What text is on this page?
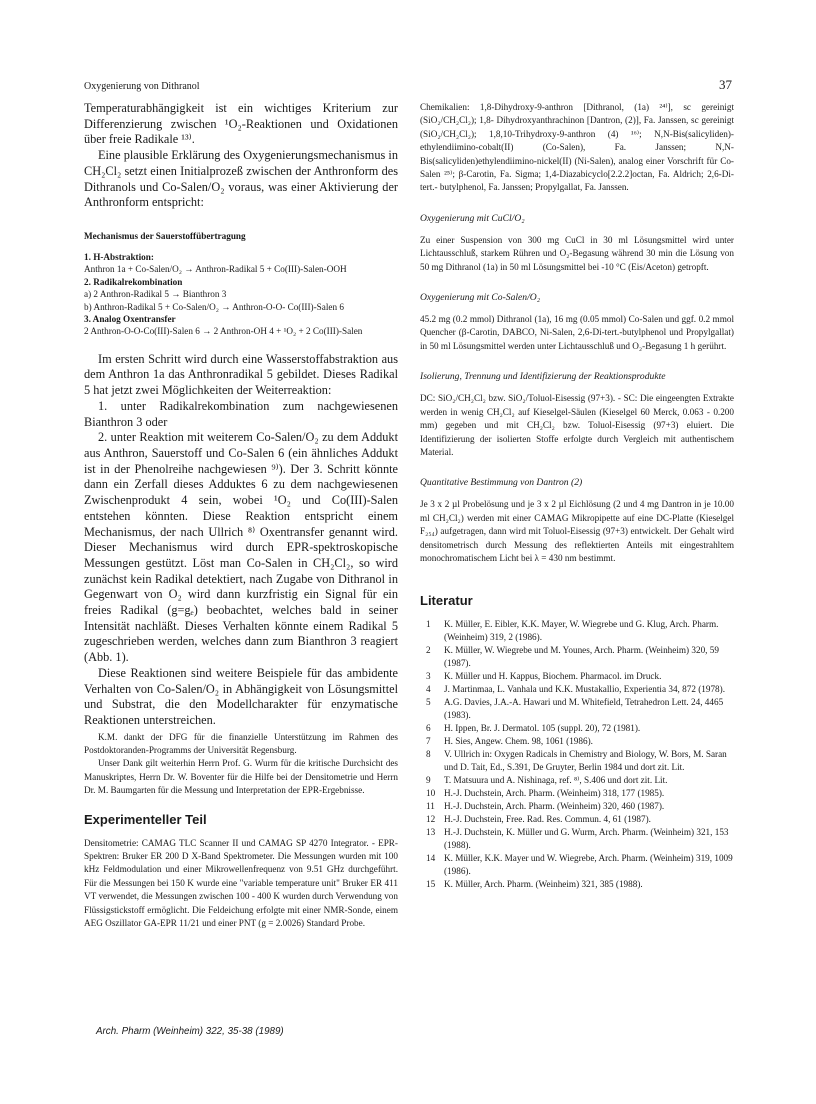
Oxygenierung von Dithranol	37

Temperaturabhängigkeit ist ein wichtiges Kriterium zur Differenzierung zwischen ¹O₂-Reaktionen und Oxidationen über freie Radikale ¹³⁾.

Eine plausible Erklärung des Oxygenierungsmechanismus in CH₂Cl₂ setzt einen Initialprozeß zwischen der Anthronform des Dithranols und Co-Salen/O₂ voraus, was einer Aktivierung der Anthronform entspricht:

Mechanismus der Sauerstoffübertragung
1. H-Abstraktion:
Anthron 1a + Co-Salen/O₂ → Anthron-Radikal 5 + Co(III)-Salen-OOH
2. Radikalrekombination
a) 2 Anthron-Radikal 5 → Bianthron 3
b) Anthron-Radikal 5 + Co-Salen/O₂ → Anthron-O-O- Co(III)-Salen 6
3. Analog Oxentransfer
2 Anthron-O-O-Co(III)-Salen 6 → 2 Anthron-OH 4 + ¹O₂ + 2 Co(III)-Salen

Im ersten Schritt wird durch eine Wasserstoffabstraktion aus dem Anthron 1a das Anthronradikal 5 gebildet. Dieses Radikal 5 hat jetzt zwei Möglichkeiten der Weiterreaktion:

1. unter Radikalrekombination zum nachgewiesenen Bianthron 3 oder

2. unter Reaktion mit weiterem Co-Salen/O₂ zu dem Addukt aus Anthron, Sauerstoff und Co-Salen 6 (ein ähnliches Addukt ist in der Phenolreihe nachgewiesen ⁹⁾). Der 3. Schritt könnte dann ein Zerfall dieses Adduktes 6 zu dem nachgewiesenen Zwischenprodukt 4 sein, wobei ¹O₂ und Co(III)-Salen entstehen könnten. Diese Reaktion entspricht einem Mechanismus, der nach Ullrich ⁸⁾ Oxentransfer genannt wird. Dieser Mechanismus wird durch EPR-spektroskopische Messungen gestützt. Löst man Co-Salen in CH₂Cl₂, so wird zunächst kein Radikal detektiert, nach Zugabe von Dithranol in Gegenwart von O₂ wird dann kurzfristig ein Signal für ein freies Radikal (g=gₑ) beobachtet, welches bald in seiner Intensität nachläßt. Dieses Verhalten könnte einem Radikal 5 zugeschrieben werden, welches dann zum Bianthron 3 reagiert (Abb. 1).

Diese Reaktionen sind weitere Beispiele für das ambidente Verhalten von Co-Salen/O₂ in Abhängigkeit von Lösungsmittel und Substrat, die den Modellcharakter für enzymatische Reaktionen unterstreichen.

K.M. dankt der DFG für die finanzielle Unterstützung im Rahmen des Postdoktoranden-Programms der Universität Regensburg.

Unser Dank gilt weiterhin Herrn Prof. G. Wurm für die kritische Durchsicht des Manuskriptes, Herrn Dr. W. Boventer für die Hilfe bei der Densitometrie und Herrn Dr. M. Baumgarten für die Messung und Interpretation der EPR-Ergebnisse.

Experimenteller Teil

Densitometrie: CAMAG TLC Scanner II und CAMAG SP 4270 Integrator. - EPR-Spektren: Bruker ER 200 D X-Band Spektrometer. Die Messungen wurden mit 100 kHz Feldmodulation und einer Mikrowellenfrequenz von 9.51 GHz durchgeführt. Für die Messungen bei 150 K wurde eine "variable temperature unit" Bruker ER 411 VT verwendet, die Messungen zwischen 100 - 400 K wurden durch Verwendung von Flüssigstickstoff ermöglicht. Die Feldeichung erfolgte mit einer NMR-Sonde, einem AEG Oszillator GA-EPR 11/21 und einer PNT (g = 2.0026) Standard Probe.

Chemikalien: 1,8-Dihydroxy-9-anthron [Dithranol, (1a) ²⁴⁾], sc gereinigt (SiO₂/CH₂Cl₂); 1,8- Dihydroxyanthrachinon [Dantron, (2)], Fa. Janssen, sc gereinigt (SiO₂/CH₂Cl₂); 1,8,10-Trihydroxy-9-anthron (4) ¹⁶⁾; N,N-Bis(salicyliden)-ethylendiimino-cobalt(II) (Co-Salen), Fa. Janssen; N,N- Bis(salicyliden)ethylendiimino-nickel(II) (Ni-Salen), analog einer Vorschrift für Co-Salen ²⁵⁾; β-Carotin, Fa. Sigma; 1,4-Diazabicyclo[2.2.2]octan, Fa. Aldrich; 2,6-Di-tert.- butylphenol, Fa. Janssen; Propylgallat, Fa. Janssen.

Oxygenierung mit CuCl/O₂

Zu einer Suspension von 300 mg CuCl in 30 ml Lösungsmittel wird unter Lichtausschluß, starkem Rühren und O₂-Begasung während 30 min die Lösung von 50 mg Dithranol (1a) in 50 ml Lösungsmittel bei -10 °C (Eis/Aceton) getropft.

Oxygenierung mit Co-Salen/O₂

45.2 mg (0.2 mmol) Dithranol (1a), 16 mg (0.05 mmol) Co-Salen und ggf. 0.2 mmol Quencher (β-Carotin, DABCO, Ni-Salen, 2,6-Di-tert.-butylphenol und Propylgallat) in 50 ml Lösungsmittel werden unter Lichtausschluß und O₂-Begasung 1 h gerührt.

Isolierung, Trennung und Identifizierung der Reaktionsprodukte

DC: SiO₂/CH₂Cl₂ bzw. SiO₂/Toluol-Eisessig (97+3). - SC: Die eingeengten Extrakte werden in wenig CH₂Cl₂ auf Kieselgel-Säulen (Kieselgel 60 Merck, 0.063 - 0.200 mm) gegeben und mit CH₂Cl₂ bzw. Toluol-Eisessig (97+3) eluiert. Die Identifizierung der isolierten Stoffe erfolgte durch Vergleich mit authentischem Material.

Quantitative Bestimmung von Dantron (2)

Je 3 x 2 µl Probelösung und je 3 x 2 µl Eichlösung (2 und 4 mg Dantron in je 10.00 ml CH₂Cl₂) werden mit einer CAMAG Mikropipette auf eine DC-Platte (Kieselgel F₂₅₄) aufgetragen, dann wird mit Toluol-Eisessig (97+3) entwickelt. Der Gehalt wird densitometrisch durch Messung des reflektierten Anteils mit eingestrahltem monochromatischem Licht bei λ = 430 nm bestimmt.

Literatur
1 K. Müller, E. Eibler, K.K. Mayer, W. Wiegrebe und G. Klug, Arch. Pharm. (Weinheim) 319, 2 (1986).
2 K. Müller, W. Wiegrebe und M. Younes, Arch. Pharm. (Weinheim) 320, 59 (1987).
3 K. Müller und H. Kappus, Biochem. Pharmacol. im Druck.
4 J. Martinmaa, L. Vanhala und K.K. Mustakallio, Experientia 34, 872 (1978).
5 A.G. Davies, J.A.-A. Hawari und M. Whitefield, Tetrahedron Lett. 24, 4465 (1983).
6 H. Ippen, Br. J. Dermatol. 105 (suppl. 20), 72 (1981).
7 H. Sies, Angew. Chem. 98, 1061 (1986).
8 V. Ullrich in: Oxygen Radicals in Chemistry and Biology, W. Bors, M. Saran und D. Tait, Ed., S.391, De Gruyter, Berlin 1984 und dort zit. Lit.
9 T. Matsuura und A. Nishinaga, ref. ⁸⁾, S.406 und dort zit. Lit.
10 H.-J. Duchstein, Arch. Pharm. (Weinheim) 318, 177 (1985).
11 H.-J. Duchstein, Arch. Pharm. (Weinheim) 320, 460 (1987).
12 H.-J. Duchstein, Free. Rad. Res. Commun. 4, 61 (1987).
13 H.-J. Duchstein, K. Müller und G. Wurm, Arch. Pharm. (Weinheim) 321, 153 (1988).
14 K. Müller, K.K. Mayer und W. Wiegrebe, Arch. Pharm. (Weinheim) 319, 1009 (1986).
15 K. Müller, Arch. Pharm. (Weinheim) 321, 385 (1988).
Arch. Pharm (Weinheim) 322, 35-38 (1989)
